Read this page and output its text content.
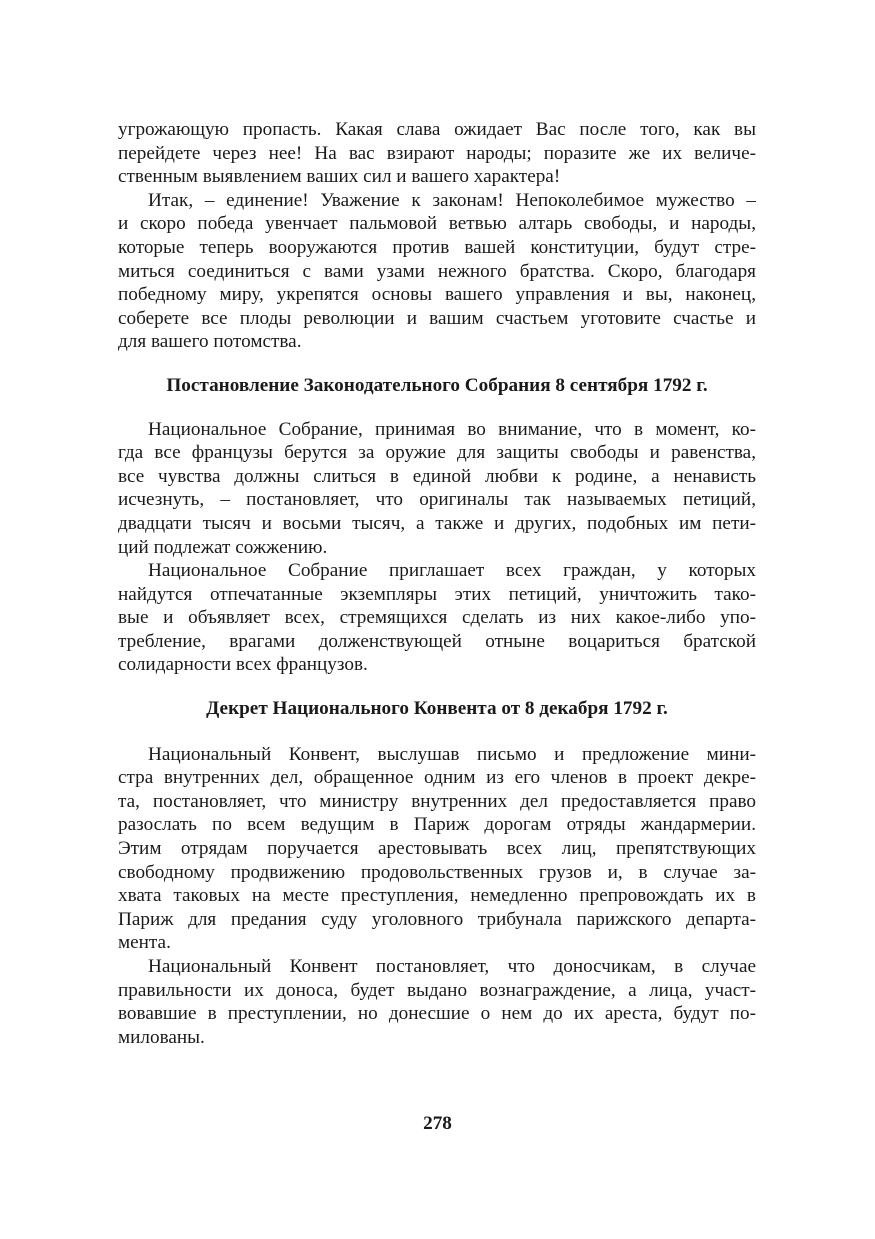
угрожающую пропасть. Какая слава ожидает Вас после того, как вы
перейдете через нее! На вас взирают народы; поразите же их величе-
ственным выявлением ваших сил и вашего характера!
Итак, – единение! Уважение к законам! Непоколебимое мужество –
и скоро победа увенчает пальмовой ветвью алтарь свободы, и народы,
которые теперь вооружаются против вашей конституции, будут стре-
миться соединиться с вами узами нежного братства. Скоро, благодаря
победному миру, укрепятся основы вашего управления и вы, наконец,
соберете все плоды революции и вашим счастьем уготовите счастье и
для вашего потомства.
Постановление Законодательного Собрания 8 сентября 1792 г.
Национальное Собрание, принимая во внимание, что в момент, ко-
гда все французы берутся за оружие для защиты свободы и равенства,
все чувства должны слиться в единой любви к родине, а ненависть
исчезнуть, – постановляет, что оригиналы так называемых петиций,
двадцати тысяч и восьми тысяч, а также и других, подобных им пети-
ций подлежат сожжению.
Национальное Собрание приглашает всех граждан, у которых
найдутся отпечатанные экземпляры этих петиций, уничтожить тако-
вые и объявляет всех, стремящихся сделать из них какое-либо упо-
требление, врагами долженствующей отныне воцариться братской
солидарности всех французов.
Декрет Национального Конвента от 8 декабря 1792 г.
Национальный Конвент, выслушав письмо и предложение мини-
стра внутренних дел, обращенное одним из его членов в проект декре-
та, постановляет, что министру внутренних дел предоставляется право
разослать по всем ведущим в Париж дорогам отряды жандармерии.
Этим отрядам поручается арестовывать всех лиц, препятствующих
свободному продвижению продовольственных грузов и, в случае за-
хвата таковых на месте преступления, немедленно препровождать их в
Париж для предания суду уголовного трибунала парижского департа-
мента.
Национальный Конвент постановляет, что доносчикам, в случае
правильности их доноса, будет выдано вознаграждение, а лица, участ-
вовавшие в преступлении, но донесшие о нем до их ареста, будут по-
милованы.
278
